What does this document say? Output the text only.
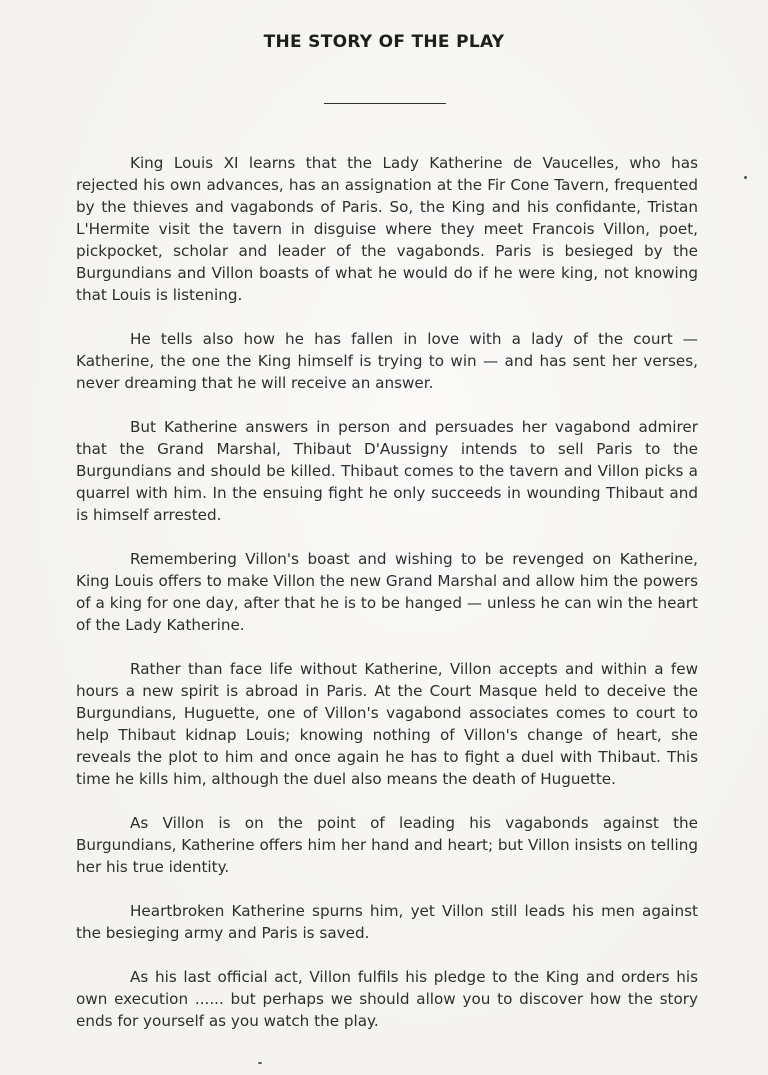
THE STORY OF THE PLAY

King Louis XI learns that the Lady Katherine de Vaucelles, who has rejected his own advances, has an assignation at the Fir Cone Tavern, frequented by the thieves and vagabonds of Paris. So, the King and his confidante, Tristan L'Hermite visit the tavern in disguise where they meet Francois Villon, poet, pickpocket, scholar and leader of the vagabonds. Paris is besieged by the Burgundians and Villon boasts of what he would do if he were king, not knowing that Louis is listening.

He tells also how he has fallen in love with a lady of the court — Katherine, the one the King himself is trying to win — and has sent her verses, never dreaming that he will receive an answer.

But Katherine answers in person and persuades her vagabond admirer that the Grand Marshal, Thibaut D'Aussigny intends to sell Paris to the Burgundians and should be killed. Thibaut comes to the tavern and Villon picks a quarrel with him. In the ensuing fight he only succeeds in wounding Thibaut and is himself arrested.

Remembering Villon's boast and wishing to be revenged on Katherine, King Louis offers to make Villon the new Grand Marshal and allow him the powers of a king for one day, after that he is to be hanged — unless he can win the heart of the Lady Katherine.

Rather than face life without Katherine, Villon accepts and within a few hours a new spirit is abroad in Paris. At the Court Masque held to deceive the Burgundians, Huguette, one of Villon's vagabond associates comes to court to help Thibaut kidnap Louis; knowing nothing of Villon's change of heart, she reveals the plot to him and once again he has to fight a duel with Thibaut. This time he kills him, although the duel also means the death of Huguette.

As Villon is on the point of leading his vagabonds against the Burgundians, Katherine offers him her hand and heart; but Villon insists on telling her his true identity.

Heartbroken Katherine spurns him, yet Villon still leads his men against the besieging army and Paris is saved.

As his last official act, Villon fulfils his pledge to the King and orders his own execution ...... but perhaps we should allow you to discover how the story ends for yourself as you watch the play.
